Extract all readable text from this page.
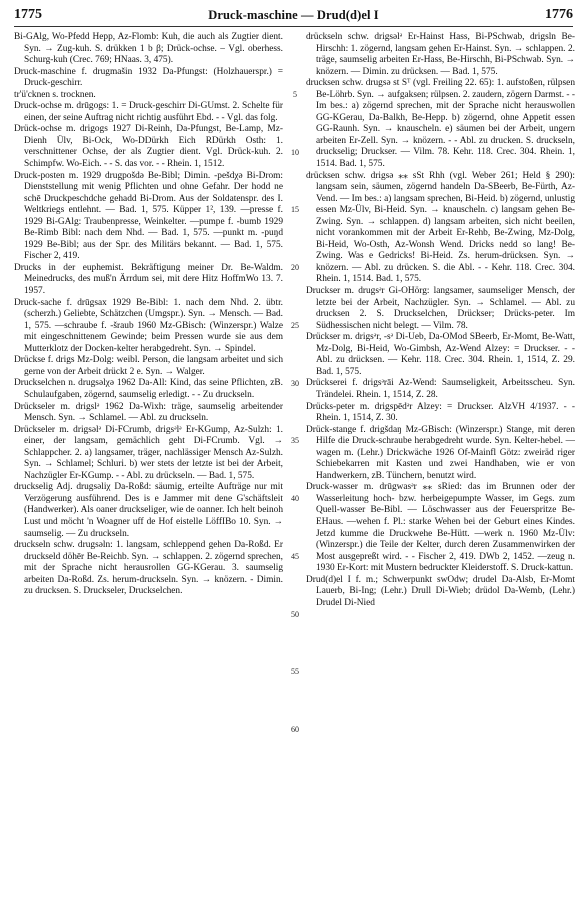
1775	Druck-maschine — Drud(d)el I	1776

Bi-GAlg, Wo-Pfedd Hepp, Az-Flomb: Kuh, die auch als Zugtier dient. Syn. → Zug-kuh. S. drükken 1 b β; Drück-ochse. – Vgl. oberhess. Schurg-kuh (Crec. 769; HNaas. 3, 475).

Druck-maschine f. drugmašin 1932 Da-Pfungst: (Holzhauerspr.) = Druck-geschirr.

tr'ü'cknen s. trocknen.

Druck-ochse m. drūgogs: 1. = Druck-geschirr Di-GUmst. 2. Schelte für einen, der seine Auftrag nicht richtig ausführt Ebd. - - Vgl. das folg.

Drück-ochse m. drigogs 1927 Di-Reinh, Da-Pfungst, Be-Lamp, Mz-Dienh Ülv, Bi-Ock, Wo-DDürkh Eich RDürkh Osth: 1. verschnittener Ochse, der als Zugtier dient. Vgl. Drück-kuh. 2. Schimpfw. Wo-Eich. - - S. das vor. - - Rhein. 1, 1512.

Druck-posten m. 1929 drugpošdə Be-Bibl; Dimin. -pešdχə Bi-Drom: Dienststellung mit wenig Pflichten und ohne Gefahr. Der hodd ne schē Druckpeschdche gehadd Bi-Drom. Aus der Soldatenspr. des I. Weltkriegs entlehnt. — Bad. 1, 575. Küpper 1², 139. —presse f. 1929 Bi-GAlg: Traubenpresse, Weinkelter. —pumpe f. -bumb 1929 Be-Rimb Bibl: nach dem Nhd. — Bad. 1, 575. —punkt m. -puŋd 1929 Be-Bibl; aus der Spr. des Militärs bekannt. — Bad. 1, 575. Fischer 2, 419.

Drucks in der euphemist. Bekräftigung meiner Dr. Be-Waldm. Meinedrucks, des muß'n Ärrdum sei, mit dere Hitz HoffmWo 13. 7. 1957.

Druck-sache f. drūgsax 1929 Be-Bibl: 1. nach dem Nhd. 2. übtr. (scherzh.) Geliebte, Schätzchen (Umgspr.). Syn. → Mensch. — Bad. 1, 575. —schraube f. -šraub 1960 Mz-GBisch: (Winzerspr.) Walze mit eingeschnittenem Gewinde; beim Pressen wurde sie aus dem Mutterklotz der Docken-kelter herabgedreht. Syn. → Spindel.

Drückse f. drigs Mz-Dolg: weibl. Person, die langsam arbeitet und sich gerne von der Arbeit drückt 2 e. Syn. → Walger.

Druckselchen n. drugsəlχə 1962 Da-All: Kind, das seine Pflichten, zB. Schulaufgaben, zögernd, saumselig erledigt. - - Zu druckseln.

Drückseler m. drigslᵊ 1962 Da-Wixh: träge, saumselig arbeitender Mensch. Syn. → Schlamel. — Abl. zu druckseln.

Drückseler m. drigsəlᵊ Di-FCrumb, drigsᵊlᵊ Er-KGump, Az-Sulzh: 1. einer, der langsam, gemächlich geht Di-FCrumb. Vgl. → Schlappcher. 2. a) langsamer, träger, nachlässiger Mensch Az-Sulzh. Syn. → Schlamel; Schluri. b) wer stets der letzte ist bei der Arbeit, Nachzügler Er-KGump. - - Abl. zu drückseln. — Bad. 1, 575.

druckselig Adj. drugsəliχ Da-Roßd: säumig, erteilte Aufträge nur mit Verzögerung ausführend. Des is e Jammer mit dene G'schäftsleit (Handwerker). Als oaner druckseliger, wie de oanner. Ich helt beinoh Lust und möcht 'n Woagner uff de Hof eistelle LöffIBo 10. Syn. → saumselig. — Zu druckseln.

druckseln schw. drugsəln: 1. langsam, schleppend gehen Da-Roßd. Er druckseld döhēr Be-Reichb. Syn. → schlappen. 2. zögernd sprechen, mit der Sprache nicht herausrollen GG-KGerau. 3. saumselig arbeiten Da-Roßd. Zs. herum-druckseln. Syn. → knözern. - Dimin. zu drucksen. S. Druckseler, Druckselchen.

5
10
15
20
25
30
35
40
45
50
55
60

drückseln schw. drigsəlᵊ Er-Hainst Hass, Bi-PSchwab, drigsln Be-Hirschh: 1. zögernd, langsam gehen Er-Hainst. Syn. → schlappen. 2. träge, saumselig arbeiten Er-Hass, Be-Hirschh, Bi-PSchwab. Syn. → knözern. — Dimin. zu drücksen. — Bad. 1, 575.

drucksen schw. drugsə st Sᵀ (vgl. Freiling 22. 65): 1. aufstoßen, rülpsen Be-Löhrb. Syn. → aufgaksen; rülpsen. 2. zaudern, zögern Darmst. - - Im bes.: a) zögernd sprechen, mit der Sprache nicht herauswollen GG-KGerau, Da-Balkh, Be-Hepp. b) zögernd, ohne Appetit essen GG-Raunh. Syn. → knauscheln. e) säumen bei der Arbeit, ungern arbeiten Er-Zell. Syn. → knözern. - - Abl. zu drucken. S. druckseln, druckselig; Druckser. — Vilm. 78. Kehr. 118. Crec. 304. Rhein. 1, 1514. Bad. 1, 575.

drücksen schw. drigsə ⁎⁎ sSt Rhh (vgl. Weber 261; Held § 290): langsam sein, säumen, zögernd handeln Da-SBeerb, Be-Fürth, Az-Vend. — Im bes.: a) langsam sprechen, Bi-Heid. b) zögernd, unlustig essen Mz-Ülv, Bi-Heid. Syn. → knauscheln. c) langsam gehen Be-Zwing. Syn. → schlappen. d) langsam arbeiten, sich nicht beeilen, nicht vorankommen mit der Arbeit Er-Rehb, Be-Zwing, Mz-Dolg, Bi-Heid, Wo-Osth, Az-Wonsh Wend. Dricks nedd so lang! Be-Zwing. Was e Gedricks! Bi-Heid. Zs. herum-drücksen. Syn. → knözern. — Abl. zu drücken. S. die Abl. - - Kehr. 118. Crec. 304. Rhein. 1, 1514. Bad. 1, 575.

Druckser m. drugsᵊr Gi-OHörg: langsamer, saumseliger Mensch, der letzte bei der Arbeit, Nachzügler. Syn. → Schlamel. — Abl. zu drucksen 2. S. Druckselchen, Drückser; Drücks-peter. Im Südhessischen nicht belegt. — Vilm. 78.

Drückser m. drigsᵊr, -sᵊ Di-Ueb, Da-OMod SBeerb, Er-Momt, Be-Watt, Mz-Dolg, Bi-Heid, Wo-Gimbsh, Az-Wend Alzey: = Druckser. - - Abl. zu drücksen. — Kehr. 118. Crec. 304. Rhein. 1, 1514, Z. 29. Bad. 1, 575.

Drückserei f. drigsᵊrāi Az-Wend: Saumseligkeit, Arbeitsscheu. Syn. Trändelei. Rhein. 1, 1514, Z. 28.

Drücks-peter m. drigspēdᵊr Alzey: = Druckser. AlzVH 4/1937. - - Rhein. 1, 1514, Z. 30.

Drück-stange f. drigšdaŋ Mz-GBisch: (Winzerspr.) Stange, mit deren Hilfe die Druck-schraube herabgedreht wurde. Syn. Kelter-hebel. —wagen m. (Lehr.) Drickwäche 1926 Of-Mainfl Götz: zweiräd riger Schiebekarren mit Kasten und zwei Handhaben, wie er von Handwerkern, zB. Tünchern, benutzt wird.

Druck-wasser m. drūgwasᵊr ⁎⁎ sRied: das im Brunnen oder der Wasserleitung hoch- bzw. herbeigepumpte Wasser, im Gegs. zum Quell-wasser Be-Bibl. — Löschwasser aus der Feuerspritze Be-EHaus. —wehen f. Pl.: starke Wehen bei der Geburt eines Kindes. Jetzd kumme die Druckwehe Be-Hütt. —werk n. 1960 Mz-Ülv: (Winzerspr.) die Teile der Kelter, durch deren Zusammenwirken der Most ausgepreßt wird. - - Fischer 2, 419. DWb 2, 1452. —zeug n. 1930 Er-Kort: mit Mustern bedruckter Kleiderstoff. S. Druck-kattun.

Drud(d)el I f. m.; Schwerpunkt swOdw; drudel Da-Alsb, Er-Momt Lauerb, Bi-Ing; (Lehr.) Drull Di-Wieb; drüdol Da-Wemb, (Lehr.) Drudel Di-Nied
